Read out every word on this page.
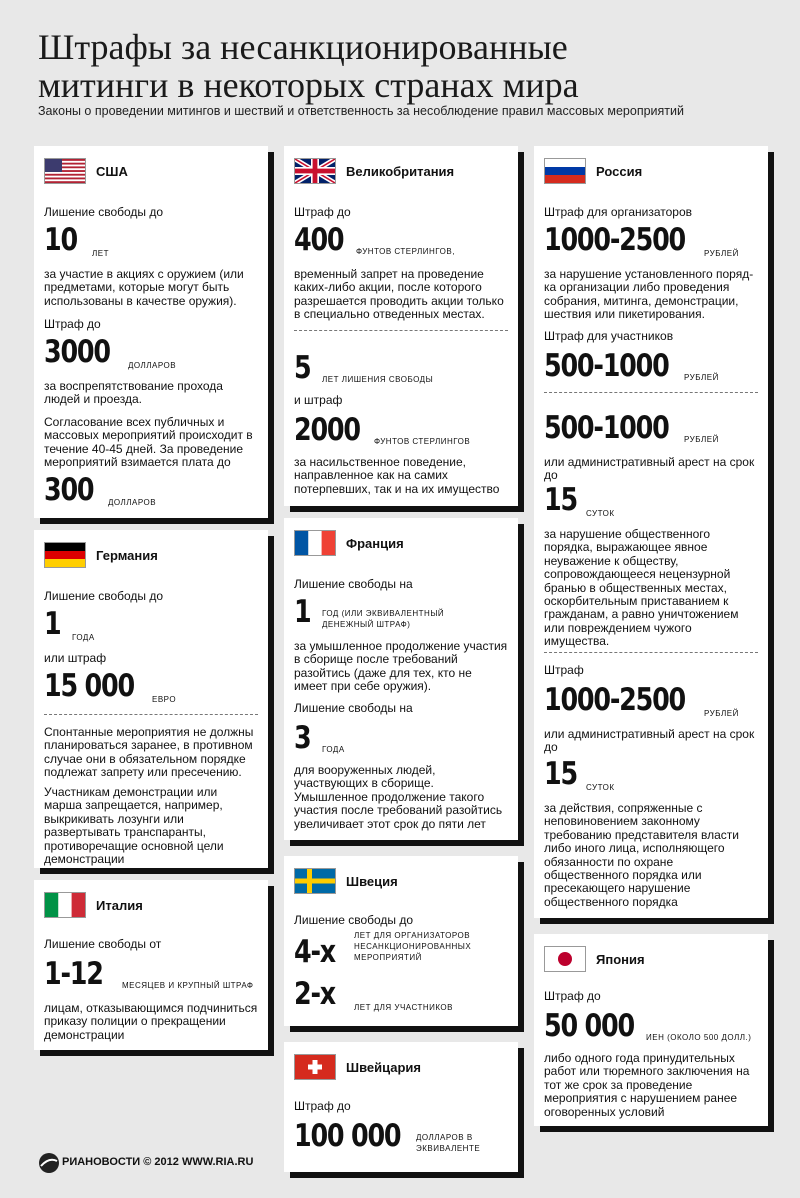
Штрафы за несанкционированные
митинги в некоторых странах мира
Законы о проведении митингов и шествий и ответственность за несоблюдение правил массовых мероприятий
США
Лишение свободы до
10 ЛЕТ
за участие в акциях с оружием (или предметами, которые могут быть использованы в качестве оружия).
Штраф до
3000 ДОЛЛАРОВ
за воспрепятствование прохода людей и проезда.
Согласование всех публичных и массовых мероприятий происходит в течение 40-45 дней. За проведение мероприятий взимается плата до
300 ДОЛЛАРОВ
Германия
Лишение свободы до
1 ГОДА
или штраф
15 000 ЕВРО
Спонтанные мероприятия не должны планироваться заранее, в противном случае они в обязательном порядке подлежат запрету или пресечению.
Участникам демонстрации или марша запрещается, например, выкрикивать лозунги или развертывать транспаранты, противоречащие основной цели демонстрации
Италия
Лишение свободы от
1-12 МЕСЯЦЕВ И КРУПНЫЙ ШТРАФ
лицам, отказывающимся подчиниться приказу полиции о прекращении демонстрации
Великобритания
Штраф до
400 ФУНТОВ СТЕРЛИНГОВ,
временный запрет на проведение каких-либо акции, после которого разрешается проводить акции только в специально отведенных местах.
5 ЛЕТ ЛИШЕНИЯ СВОБОДЫ
и штраф
2000 ФУНТОВ СТЕРЛИНГОВ
за насильственное поведение, направленное как на самих потерпевших, так и на их имущество
Франция
Лишение свободы на
1 ГОД (ИЛИ ЭКВИВАЛЕНТНЫЙ ДЕНЕЖНЫЙ ШТРАФ)
за умышленное продолжение участия в сборище после требований разойтись (даже для тех, кто не имеет при себе оружия).
Лишение свободы на
3 ГОДА
для вооруженных людей, участвующих в сборище. Умышленное продолжение такого участия после требований разойтись увеличивает этот срок до пяти лет
Швеция
Лишение свободы до
4-х ЛЕТ ДЛЯ ОРГАНИЗАТОРОВ НЕСАНКЦИОНИРОВАННЫХ МЕРОПРИЯТИЙ
2-х ЛЕТ ДЛЯ УЧАСТНИКОВ
Швейцария
Штраф до
100 000 ДОЛЛАРОВ В ЭКВИВАЛЕНТЕ
Россия
Штраф для организаторов
1000-2500 РУБЛЕЙ
за нарушение установленного поряд-ка организации либо проведения собрания, митинга, демонстрации, шествия или пикетирования.
Штраф для участников
500-1000 РУБЛЕЙ
500-1000 РУБЛЕЙ
или административный арест на срок до
15 СУТОК
за нарушение общественного порядка, выражающее явное неуважение к обществу, сопровождающееся нецензурной бранью в общественных местах, оскорбительным приставанием к гражданам, а равно уничтожением или повреждением чужого имущества.
Штраф
1000-2500 РУБЛЕЙ
или административный арест на срок до
15 СУТОК
за действия, сопряженные с неповиновением законному требованию представителя власти либо иного лица, исполняющего обязанности по охране общественного порядка или пресекающего нарушение общественного порядка
Япония
Штраф до
50 000 ИЕН (ОКОЛО 500 ДОЛЛ.)
либо одного года принудительных работ или тюремного заключения на тот же срок за проведение мероприятия с нарушением ранее оговоренных условий
РИАНОВОСТИ © 2012 WWW.RIA.RU
